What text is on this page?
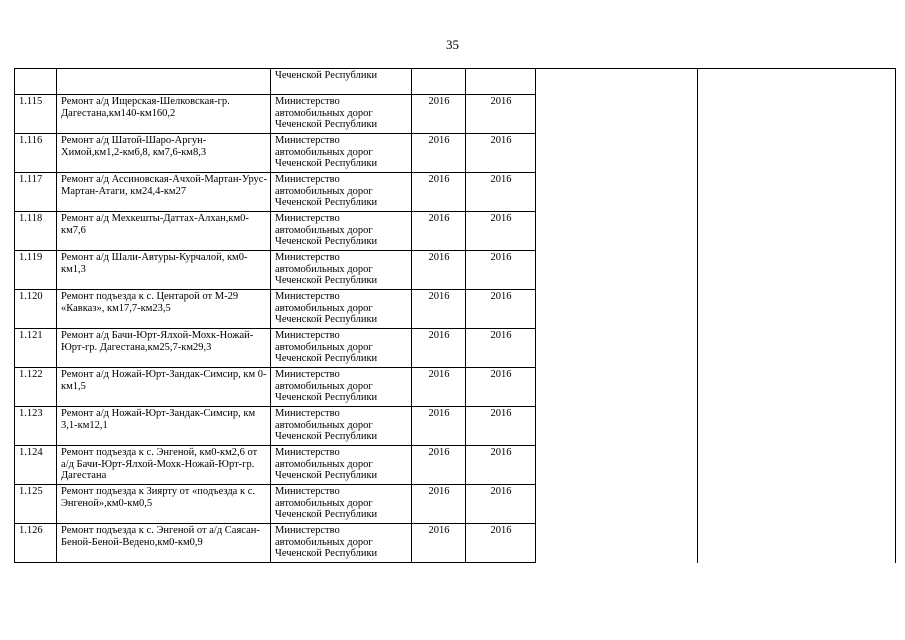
35
		Чеченской Республики				
1.115	Ремонт а/д Ищерская-Шелковская-гр. Дагестана,км140-км160,2	Министерство автомобильных дорог Чеченской Республики	2016	2016		
1.116	Ремонт а/д Шатой-Шаро-Аргун-Химой,км1,2-км6,8, км7,6-км8,3	Министерство автомобильных дорог Чеченской Республики	2016	2016		
1.117	Ремонт а/д Ассиновская-Ачхой-Мартан-Урус-Мартан-Атаги, км24,4-км27	Министерство автомобильных дорог Чеченской Республики	2016	2016		
1.118	Ремонт а/д Мехкешты-Даттах-Алхан,км0-км7,6	Министерство автомобильных дорог Чеченской Республики	2016	2016		
1.119	Ремонт а/д Шали-Автуры-Курчалой, км0-км1,3	Министерство автомобильных дорог Чеченской Республики	2016	2016		
1.120	Ремонт подъезда к с. Центарой от М-29 «Кавказ», км17,7-км23,5	Министерство автомобильных дорог Чеченской Республики	2016	2016		
1.121	Ремонт а/д Бачи-Юрт-Ялхой-Мохк-Ножай-Юрт-гр. Дагестана,км25,7-км29,3	Министерство автомобильных дорог Чеченской Республики	2016	2016		
1.122	Ремонт а/д Ножай-Юрт-Зандак-Симсир, км 0-км1,5	Министерство автомобильных дорог Чеченской Республики	2016	2016		
1.123	Ремонт а/д Ножай-Юрт-Зандак-Симсир, км 3,1-км12,1	Министерство автомобильных дорог Чеченской Республики	2016	2016		
1.124	Ремонт подъезда к с. Энгеной, км0-км2,6 от а/д Бачи-Юрт-Ялхой-Мохк-Ножай-Юрт-гр. Дагестана	Министерство автомобильных дорог Чеченской Республики	2016	2016		
1.125	Ремонт подъезда к Зиярту от «подъезда к с. Энгеной»,км0-км0,5	Министерство автомобильных дорог Чеченской Республики	2016	2016		
1.126	Ремонт подъезда к с. Энгеной от а/д Саясан-Беной-Беной-Ведено,км0-км0,9	Министерство автомобильных дорог Чеченской Республики	2016	2016		
